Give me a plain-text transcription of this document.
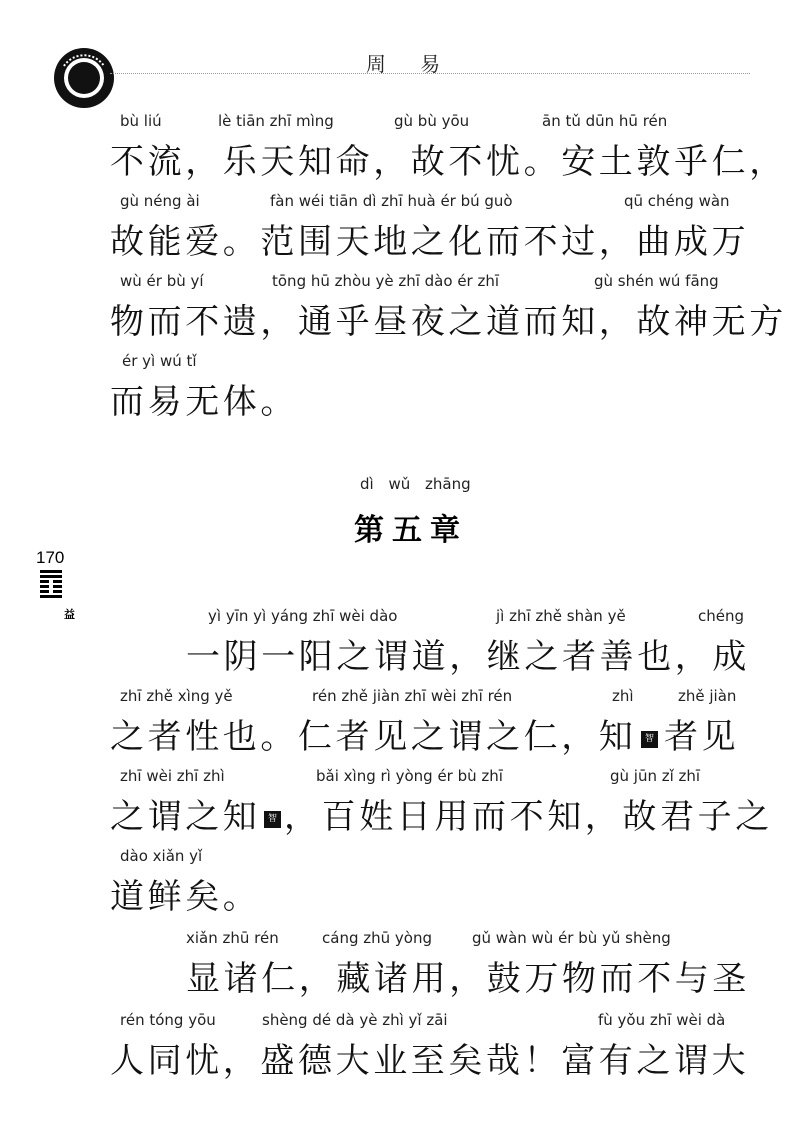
周 易
bù liú	lè tiān zhī mìng	gù bù yōu	ān tǔ dūn hū rén
不流，乐天知命，故不忧。安土敦乎仁，
gù néng ài	fàn wéi tiān dì zhī huà ér bú guò	qū chéng wàn
故能爱。范围天地之化而不过，曲成万
wù ér bù yí	tōng hū zhòu yè zhī dào ér zhī	gù shén wú fāng
物而不遗，通乎昼夜之道而知，故神无方
ér yì wú tǐ
而易无体。
dì wǔ zhāng
第五章
170
益	yì yīn yì yáng zhī wèi dào	jì zhī zhě shàn yě	chéng
一阴一阳之谓道，继之者善也，成
zhī zhě xìng yě	rén zhě jiàn zhī wèi zhī rén	zhì	zhě jiàn
之者性也。仁者见之谓之仁，知 智 者见
zhī wèi zhī zhì	bǎi xìng rì yòng ér bù zhī	gù jūn zǐ zhī
之谓之知 智 ，百姓日用而不知，故君子之
dào xiǎn yǐ
道鲜矣。
xiǎn zhū rén	cáng zhū yòng	gǔ wàn wù ér bù yǔ shèng
显诸仁，藏诸用，鼓万物而不与圣
rén tóng yōu	shèng dé dà yè zhì yǐ zāi	fù yǒu zhī wèi dà
人同忧，盛德大业至矣哉！富有之谓大
